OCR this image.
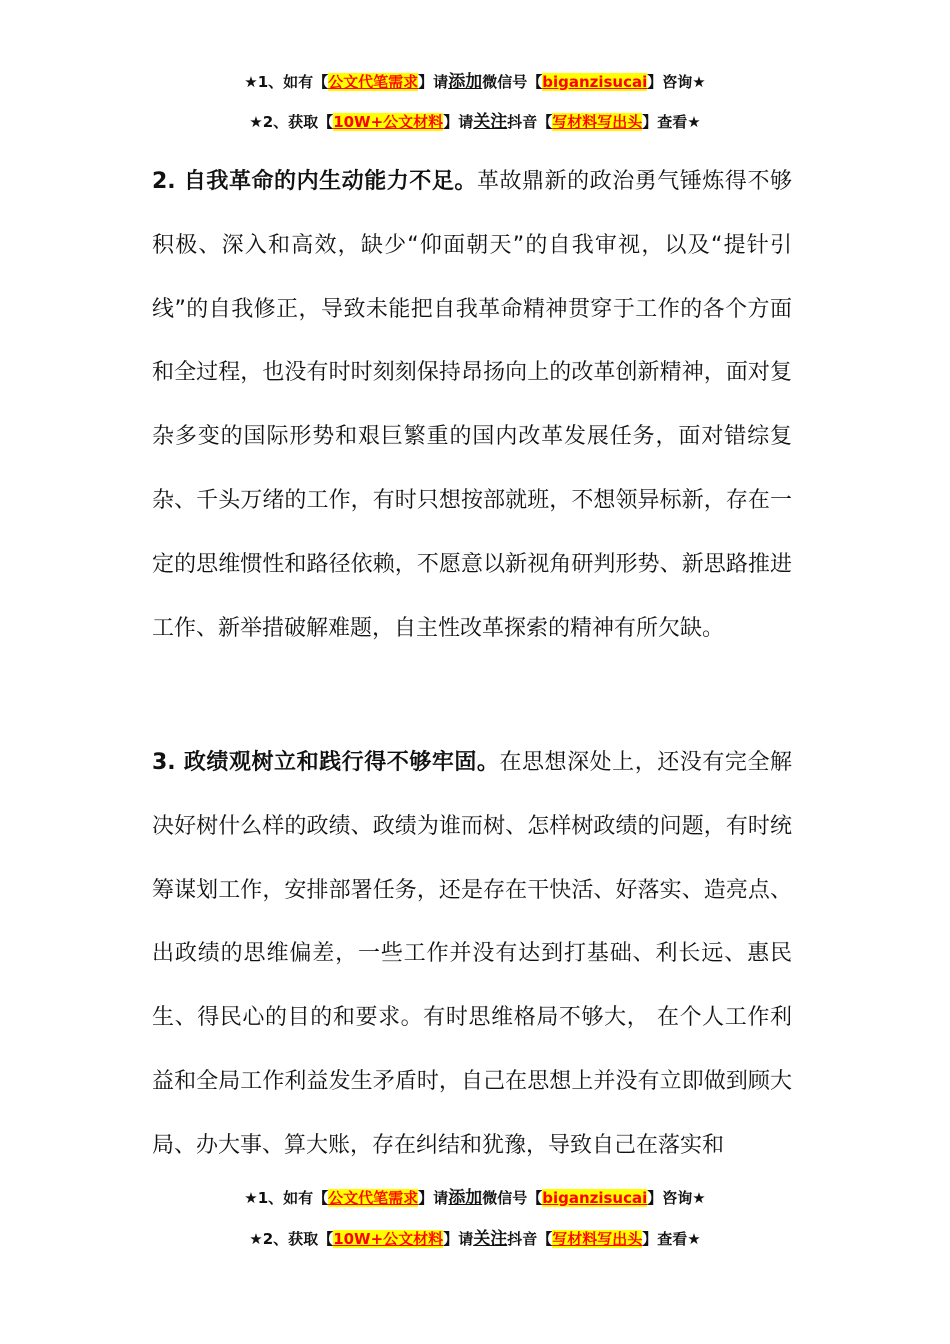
★1、如有【公文代笔需求】请添加微信号【biganzisucai】咨询★
★2、获取【10W+公文材料】请关注抖音【写材料写出头】查看★

2. 自我革命的内生动能力不足。革故鼎新的政治勇气锤炼得不够积极、深入和高效，缺少“仰面朝天”的自我审视，以及“提针引线”的自我修正，导致未能把自我革命精神贯穿于工作的各个方面和全过程，也没有时时刻刻保持昂扬向上的改革创新精神，面对复杂多变的国际形势和艰巨繁重的国内改革发展任务，面对错综复杂、千头万绪的工作，有时只想按部就班，不想领异标新，存在一定的思维惯性和路径依赖，不愿意以新视角研判形势、新思路推进工作、新举措破解难题，自主性改革探索的精神有所欠缺。

3. 政绩观树立和践行得不够牢固。在思想深处上，还没有完全解决好树什么样的政绩、政绩为谁而树、怎样树政绩的问题，有时统筹谋划工作，安排部署任务，还是存在干快活、好落实、造亮点、出政绩的思维偏差，一些工作并没有达到打基础、利长远、惠民生、得民心的目的和要求。有时思维格局不够大， 在个人工作利益和全局工作利益发生矛盾时，自己在思想上并没有立即做到顾大局、办大事、算大账，存在纠结和犹豫，导致自己在落实和

★1、如有【公文代笔需求】请添加微信号【biganzisucai】咨询★
★2、获取【10W+公文材料】请关注抖音【写材料写出头】查看★
